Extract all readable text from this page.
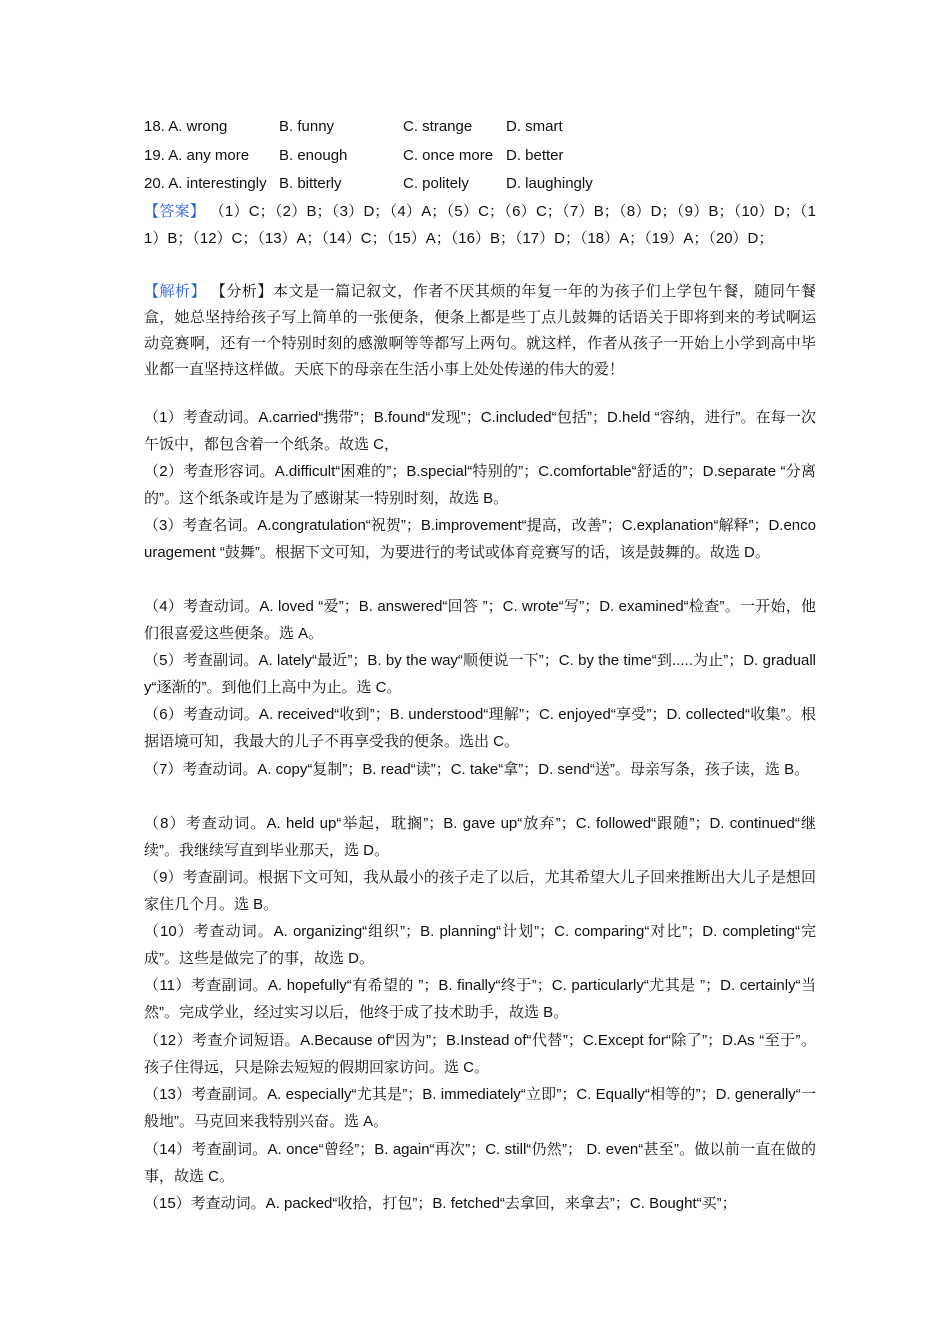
18. A. wrong	B. funny	C. strange D. smart
19. A. any more B. enough	C. once more D. better
20. A. interestingly B. bitterly	C. politely D. laughingly
【答案】 （1）C；（2）B；（3）D；（4）A；（5）C；（6）C；（7）B；（8）D；（9）B；（10）D；（11）B；（12）C；（13）A；（14）C；（15）A；（16）B；（17）D；（18）A；（19）A；（20）D；
【解析】 【分析】本文是一篇记叙文，作者不厌其烦的年复一年的为孩子们上学包午餐，随同午餐盒，她总坚持给孩子写上简单的一张便条，便条上都是些丁点儿鼓舞的话语关于即将到来的考试啊运动竞赛啊，还有一个特别时刻的感激啊等等都写上两句。就这样，作者从孩子一开始上小学到高中毕业都一直坚持这样做。天底下的母亲在生活小事上处处传递的伟大的爱！
（1）考查动词。A.carried“携带”；B.found“发现”；C.included“包括”；D.held “容纳，进行”。在每一次午饭中，都包含着一个纸条。故选 C，
（2）考查形容词。A.difficult“困难的”；B.special“特别的”；C.comfortable“舒适的”；D.separate “分离的”。这个纸条或许是为了感谢某一特别时刻，故选 B。
（3）考查名词。A.congratulation“祝贺”；B.improvement“提高，改善”；C.explanation“解释”；D.encouragement “鼓舞”。根据下文可知，为要进行的考试或体育竞赛写的话，该是鼓舞的。故选 D。
（4）考查动词。A. loved “爱”；B. answered“回答 ”；C. wrote“写”；D. examined“检查”。一开始，他们很喜爱这些便条。选 A。
（5）考查副词。A. lately“最近”；B. by the way“顺便说一下”；C. by the time“到.....为止”；D. gradually“逐渐的”。到他们上高中为止。选 C。
（6）考查动词。A. received“收到”；B. understood“理解”；C. enjoyed“享受”；D. collected“收集”。根据语境可知，我最大的儿子不再享受我的便条。选出 C。
（7）考查动词。A. copy“复制”；B. read“读”；C. take“拿”；D. send“送”。母亲写条，孩子读，选 B。
（8）考查动词。A. held up“举起，耽搁”；B. gave up“放弃”；C. followed“跟随”；D. continued“继续”。我继续写直到毕业那天，选 D。
（9）考查副词。根据下文可知，我从最小的孩子走了以后，尤其希望大儿子回来推断出大儿子是想回家住几个月。选 B。
（10）考查动词。A. organizing“组织”；B. planning“计划”；C. comparing“对比”；D. completing“完成”。这些是做完了的事，故选 D。
（11）考查副词。A. hopefully“有希望的 ”；B. finally“终于”；C. particularly“尤其是 ”；D. certainly“当然”。完成学业，经过实习以后，他终于成了技术助手，故选 B。
（12）考查介词短语。A.Because of“因为”；B.Instead of“代替”；C.Except for“除了”；D.As “至于”。孩子住得远，只是除去短短的假期回家访问。选 C。
（13）考查副词。A. especially“尤其是”；B. immediately“立即”；C. Equally“相等的”；D. generally“一般地”。马克回来我特别兴奋。选 A。
（14）考查副词。A. once“曾经”；B. again“再次”；C. still“仍然”； D. even“甚至”。做以前一直在做的事，故选 C。
（15）考查动词。A. packed“收拾，打包”；B. fetched“去拿回，来拿去”；C. Bought“买”；
